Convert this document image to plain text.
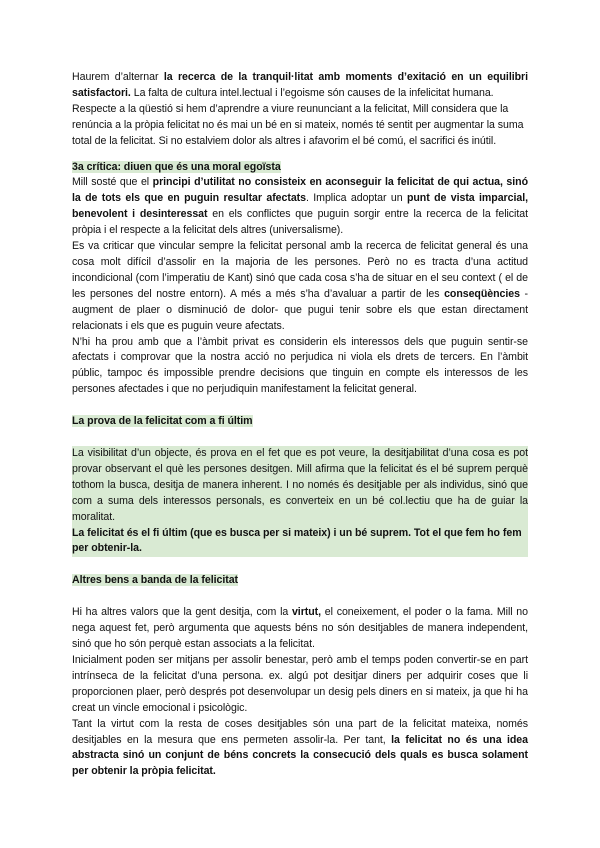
Haurem d’alternar la recerca de la tranquil·litat amb moments d’exitació en un equilibri satisfactori. La falta de cultura intel.lectual i l’egoisme són causes de la infelicitat humana.

Respecte a la qüestió si hem d’aprendre a viure reununciant a la felicitat, Mill considera que la renúncia a la pròpia felicitat no és mai un bé en si mateix, només té sentit per augmentar la suma total de la felicitat. Si no estalviem dolor als altres i afavorim el bé comú, el sacrifici és inútil.

3a crítica: diuen que és una moral egoïsta

Mill sosté que el principi d’utilitat no consisteix en aconseguir la felicitat de qui actua, sinó la de tots els que en puguin resultar afectats. Implica adoptar un punt de vista imparcial, benevolent i desinteressat en els conflictes que puguin sorgir entre la recerca de la felicitat pròpia i el respecte a la felicitat dels altres (universalisme).

Es va criticar que vincular sempre la felicitat personal amb la recerca de felicitat general és una cosa molt difícil d’assolir en la majoria de les persones. Però no es tracta d’una actitud incondicional (com l’imperatiu de Kant) sinó que cada cosa s’ha de situar en el seu context ( el de les persones del nostre entorn). A més a més s’ha d’avaluar a partir de les conseqüències -augment de plaer o disminució de dolor- que pugui tenir sobre els que estan directament relacionats i els que es puguin veure afectats.

N’hi ha prou amb que a l’àmbit privat es considerin els interessos dels que puguin sentir-se afectats i comprovar que la nostra acció no perjudica ni viola els drets de tercers. En l’àmbit públic, tampoc és impossible prendre decisions que tinguin en compte els interessos de les persones afectades i que no perjudiquin manifestament la felicitat general.

La prova de la felicitat com a fi últim

La visibilitat d’un objecte, és prova en el fet que es pot veure, la desitjabilitat d’una cosa es pot provar observant el què les persones desitgen. Mill afirma que la felicitat és el bé suprem perquè tothom la busca, desitja de manera inherent. I no només és desitjable per als individus, sinó que com a suma dels interessos personals, es converteix en un bé col.lectiu que ha de guiar la moralitat.

La felicitat és el fi últim (que es busca per si mateix) i un bé suprem. Tot el que fem ho fem per obtenir-la.

Altres bens a banda de la felicitat

Hi ha altres valors que la gent desitja, com la virtut, el coneixement, el poder o la fama. Mill no nega aquest fet, però argumenta que aquests béns no són desitjables de manera independent, sinó que ho són perquè estan associats a la felicitat.

Inicialment poden ser mitjans per assolir benestar, però amb el temps poden convertir-se en part intrínseca de la felicitat d’una persona. ex. algú pot desitjar diners per adquirir coses que li proporcionen plaer, però després pot desenvolupar un desig pels diners en si mateix, ja que hi ha creat un vincle emocional i psicològic.

Tant la virtut com la resta de coses desitjables són una part de la felicitat mateixa, només desitjables en la mesura que ens permeten assolir-la. Per tant, la felicitat no és una idea abstracta sinó un conjunt de béns concrets la consecució dels quals es busca solament per obtenir la pròpia felicitat.
